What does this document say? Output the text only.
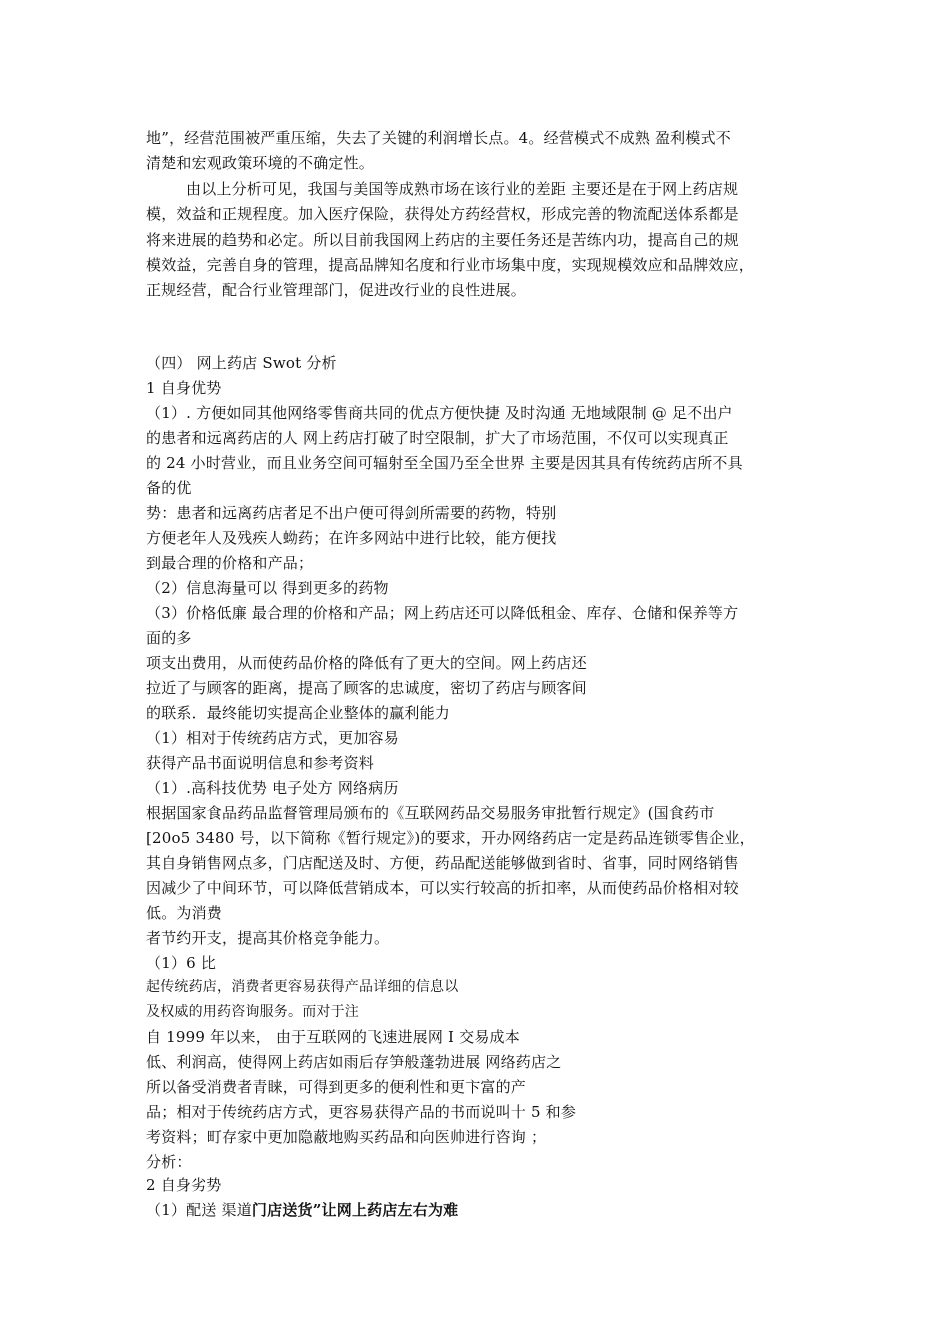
地”，经营范围被严重压缩，失去了关键的利润增长点。4。经营模式不成熟 盈利模式不
清楚和宏观政策环境的不确定性。
由以上分析可见，我国与美国等成熟市场在该行业的差距 主要还是在于网上药店规
模，效益和正规程度。加入医疗保险，获得处方药经营权，形成完善的物流配送体系都是
将来进展的趋势和必定。所以目前我国网上药店的主要任务还是苦练内功，提高自己的规
模效益，完善自身的管理，提高品牌知名度和行业市场集中度，实现规模效应和品牌效应，
正规经营，配合行业管理部门，促进改行业的良性进展。
（四） 网上药店 Swot 分析
1 自身优势
（1）. 方便如同其他网络零售商共同的优点方便快捷 及时沟通 无地域限制 @ 足不出户
的患者和远离药店的人 网上药店打破了时空限制，扩大了市场范围，不仅可以实现真正
的 24 小时营业，而且业务空间可辐射至全国乃至全世界 主要是因其具有传统药店所不具
备的优
势：患者和远离药店者足不出户便可得剑所需要的药物，特别
方便老年人及残疾人蚴药；在许多网站中进行比较，能方便找
到最合理的价格和产品；
（2）信息海量可以 得到更多的药物
（3）价格低廉 最合理的价格和产品；网上药店还可以降低租金、库存、仓储和保养等方
面的多
项支出费用，从而使药品价格的降低有了更大的空间。网上药店还
拉近了与顾客的距离，提高了顾客的忠诚度，密切了药店与顾客间
的联系．最终能切实提高企业整体的赢利能力
（1）相对于传统药店方式，更加容易
获得产品书面说明信息和参考资料
（1）.高科技优势 电子处方 网络病历
根据国家食品药品监督管理局颁布的《互联网药品交易服务审批暂行规定》(国食药市
[20o5 3480 号，以下简称《暂行规定》)的要求，开办网络药店一定是药品连锁零售企业，
其自身销售网点多，门店配送及时、方便，药品配送能够做到省时、省事，同时网络销售
因减少了中间环节，可以降低营销成本，可以实行较高的折扣率，从而使药品价格相对较
低。为消费
者节约开支，提高其价格竞争能力。
（1）6 比
起传统药店，消费者更容易获得产品详细的信息以
及权威的用药咨询服务。而对于注
自 1999 年以来， 由于互联网的飞速进展网 I 交易成本
低、利润高，使得网上药店如雨后存笋般蓬勃进展 网络药店之
所以备受消费者青睐，可得到更多的便利性和更卞富的产
品；相对于传统药店方式，更容易获得产品的书而说叫十 5 和参
考资料；町存家中更加隐蔽地购买药品和向医帅进行咨询 ；
分析：
2 自身劣势
（1）配送 渠道门店送货”让网上药店左右为难
